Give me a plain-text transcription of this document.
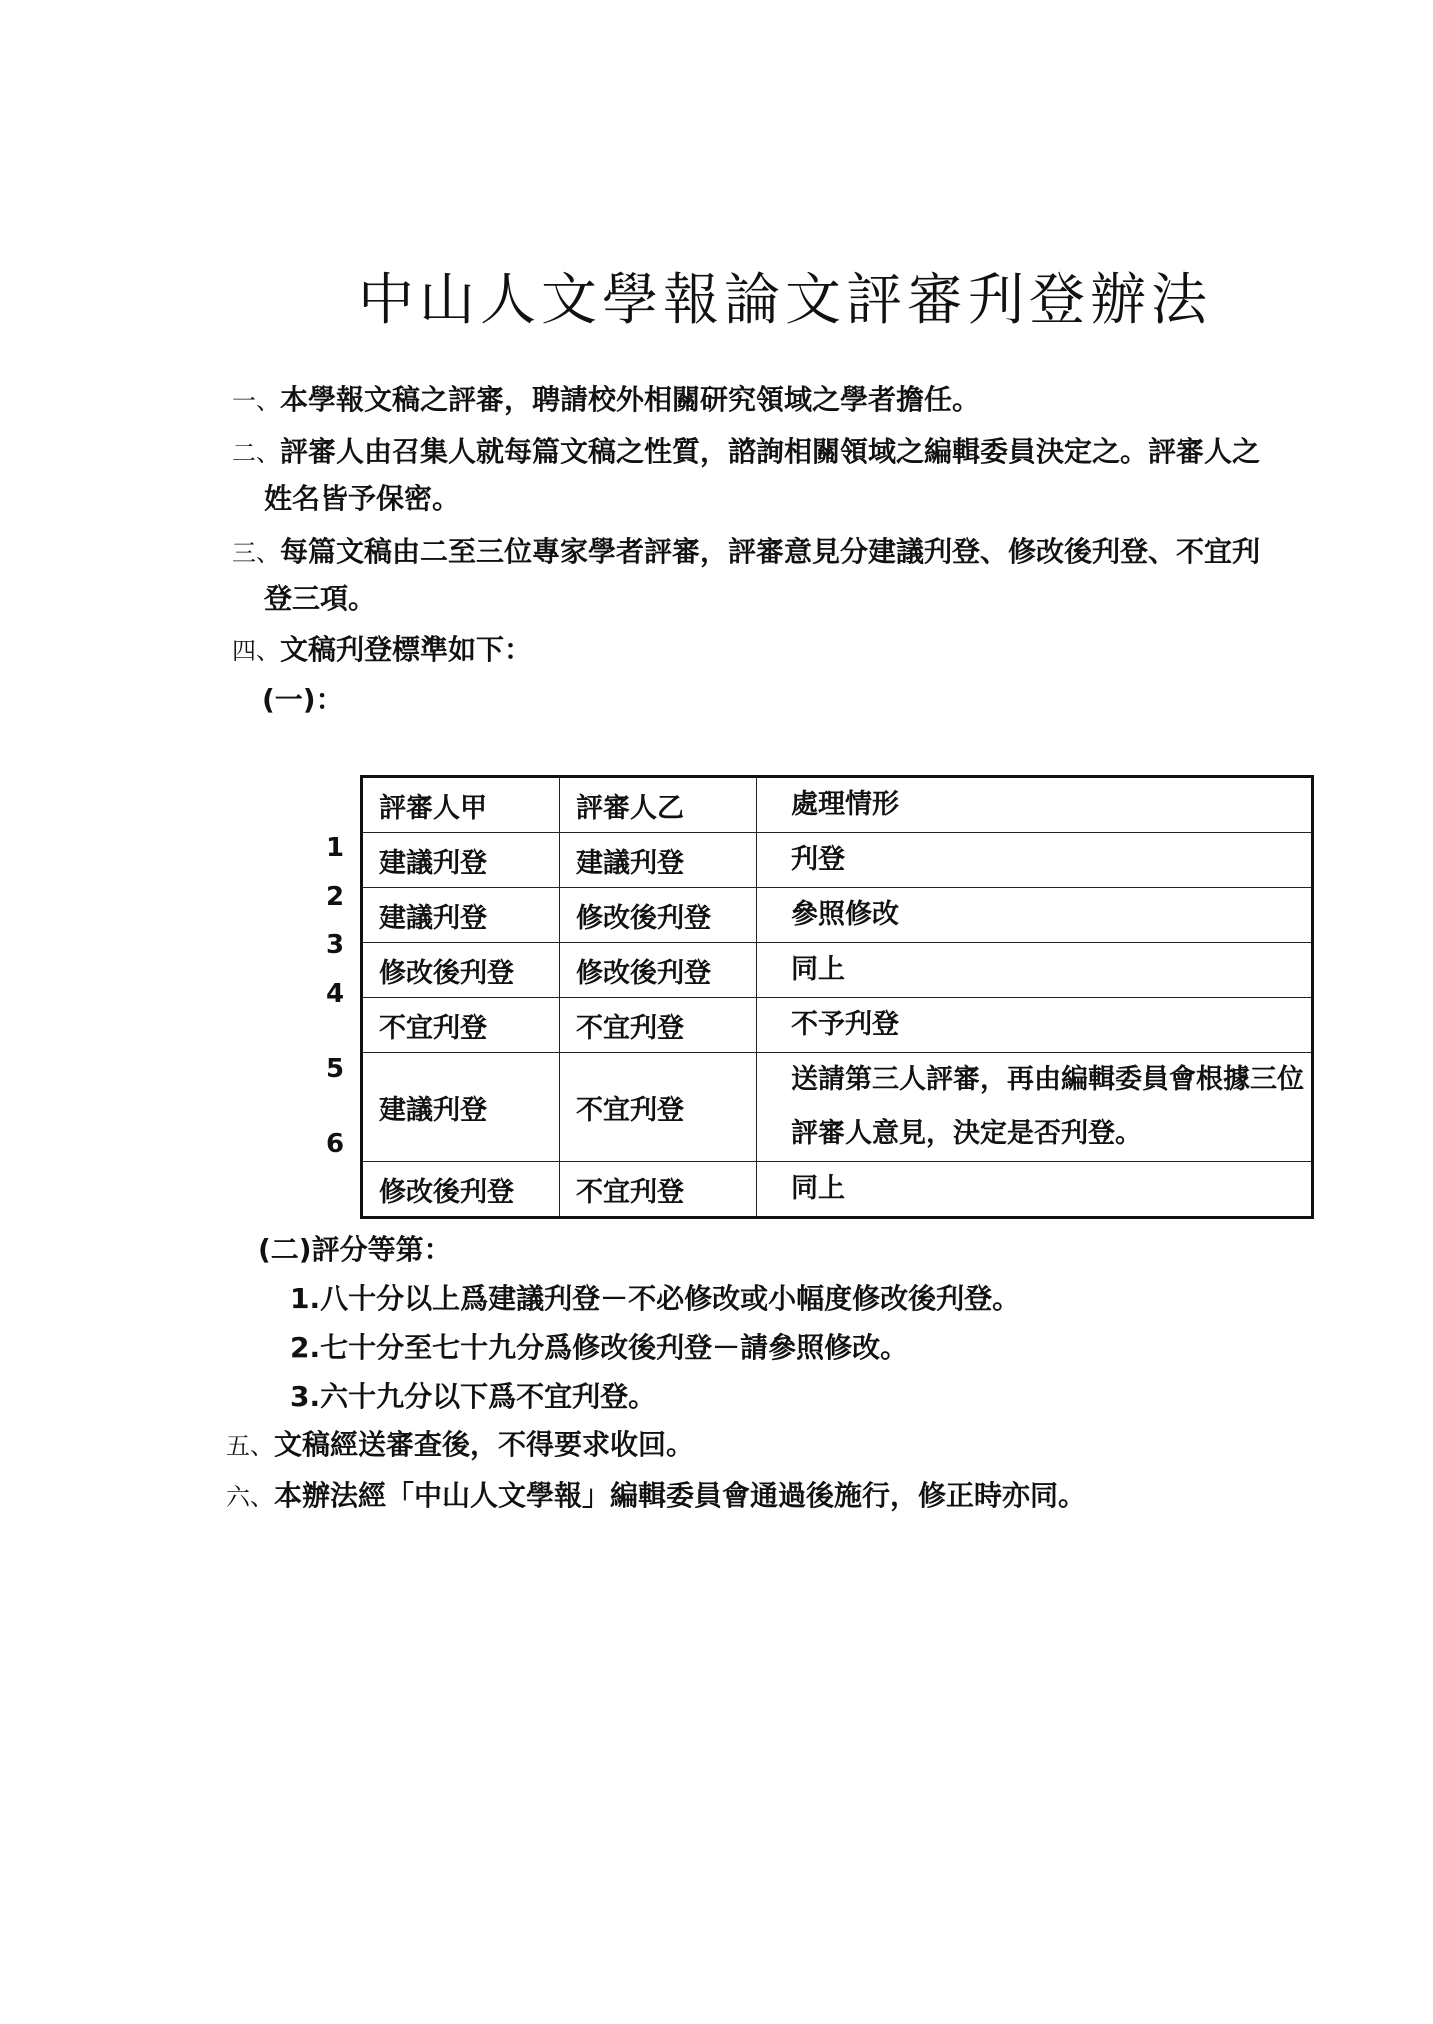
中山人文學報論文評審刋登辦法

一、本學報文稿之評審，聘請校外相關研究領域之學者擔任。

二、評審人由召集人就每篇文稿之性質，諮詢相關領域之編輯委員決定之。評審人之

姓名皆予保密。

三、每篇文稿由二至三位專家學者評審，評審意見分建議刋登、修改後刋登、不宜刋

登三項。

四、文稿刋登標準如下：

(一)：

1
2
3
4
5
6
評審人甲	評審人乙	處理情形
建議刋登	建議刋登	刋登
建議刋登	修改後刋登	參照修改
修改後刋登	修改後刋登	同上
不宜刋登	不宜刋登	不予刋登
建議刋登	不宜刋登	送請第三人評審，再由編輯委員會根據三位評審人意見，決定是否刋登。

修改後刋登	不宜刋登	同上

(二)評分等第：

1.八十分以上爲建議刋登－不必修改或小幅度修改後刋登。

2.七十分至七十九分爲修改後刋登－請參照修改。

3.六十九分以下爲不宜刋登。

五、文稿經送審查後，不得要求收回。

六、本辦法經「中山人文學報」編輯委員會通過後施行，修正時亦同。
